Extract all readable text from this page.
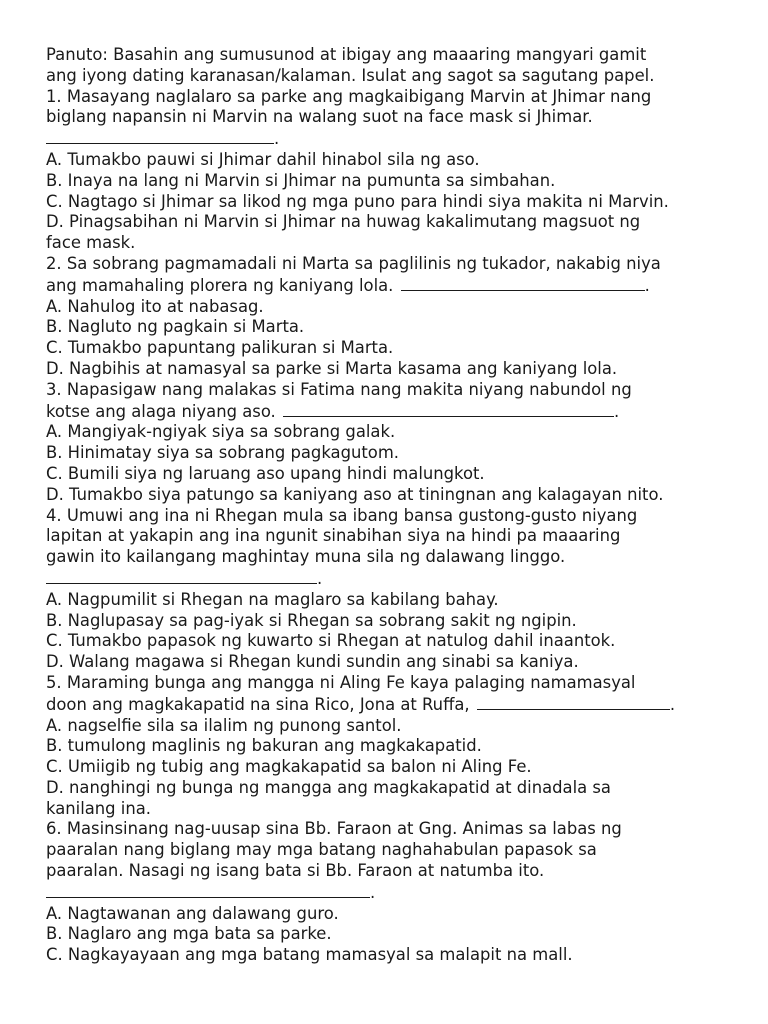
Panuto: Basahin ang sumusunod at ibigay ang maaaring mangyari gamit
ang iyong dating karanasan/kalaman. Isulat ang sagot sa sagutang papel.
1. Masayang naglalaro sa parke ang magkaibigang Marvin at Jhimar nang
biglang napansin ni Marvin na walang suot na face mask si Jhimar.
.
A. Tumakbo pauwi si Jhimar dahil hinabol sila ng aso.
B. Inaya na lang ni Marvin si Jhimar na pumunta sa simbahan.
C. Nagtago si Jhimar sa likod ng mga puno para hindi siya makita ni Marvin.
D. Pinagsabihan ni Marvin si Jhimar na huwag kakalimutang magsuot ng
face mask.
2. Sa sobrang pagmamadali ni Marta sa paglilinis ng tukador, nakabig niya
ang mamahaling plorera ng kaniyang lola.	.
A. Nahulog ito at nabasag.
B. Nagluto ng pagkain si Marta.
C. Tumakbo papuntang palikuran si Marta.
D. Nagbihis at namasyal sa parke si Marta kasama ang kaniyang lola.
3. Napasigaw nang malakas si Fatima nang makita niyang nabundol ng
kotse ang alaga niyang aso.	.
A. Mangiyak-ngiyak siya sa sobrang galak.
B. Hinimatay siya sa sobrang pagkagutom.
C. Bumili siya ng laruang aso upang hindi malungkot.
D. Tumakbo siya patungo sa kaniyang aso at tiningnan ang kalagayan nito.
4. Umuwi ang ina ni Rhegan mula sa ibang bansa gustong-gusto niyang
lapitan at yakapin ang ina ngunit sinabihan siya na hindi pa maaaring
gawin ito kailangang maghintay muna sila ng dalawang linggo.
.
A. Nagpumilit si Rhegan na maglaro sa kabilang bahay.
B. Naglupasay sa pag-iyak si Rhegan sa sobrang sakit ng ngipin.
C. Tumakbo papasok ng kuwarto si Rhegan at natulog dahil inaantok.
D. Walang magawa si Rhegan kundi sundin ang sinabi sa kaniya.
5. Maraming bunga ang mangga ni Aling Fe kaya palaging namamasyal
doon ang magkakapatid na sina Rico, Jona at Ruffa,	.
A. nagselfie sila sa ilalim ng punong santol.
B. tumulong maglinis ng bakuran ang magkakapatid.
C. Umiigib ng tubig ang magkakapatid sa balon ni Aling Fe.
D. nanghingi ng bunga ng mangga ang magkakapatid at dinadala sa
kanilang ina.
6. Masinsinang nag-uusap sina Bb. Faraon at Gng. Animas sa labas ng
paaralan nang biglang may mga batang naghahabulan papasok sa
paaralan. Nasagi ng isang bata si Bb. Faraon at natumba ito.
.
A. Nagtawanan ang dalawang guro.
B. Naglaro ang mga bata sa parke.
C. Nagkayayaan ang mga batang mamasyal sa malapit na mall.
